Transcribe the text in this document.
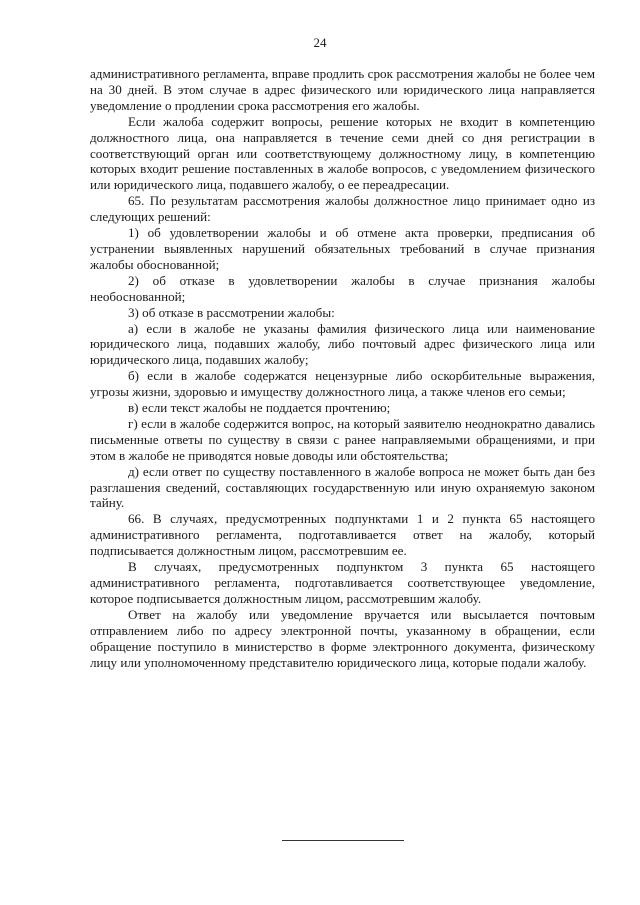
24

административного регламента, вправе продлить срок рассмотрения жалобы не более чем на 30 дней. В этом случае в адрес физического или юридического лица направляется уведомление о продлении срока рассмотрения его жалобы.

Если жалоба содержит вопросы, решение которых не входит в компетенцию должностного лица, она направляется в течение семи дней со дня регистрации в соответствующий орган или соответствующему должностному лицу, в компетенцию которых входит решение поставленных в жалобе вопросов, с уведомлением физического или юридического лица, подавшего жалобу, о ее переадресации.

65. По результатам рассмотрения жалобы должностное лицо принимает одно из следующих решений:

1) об удовлетворении жалобы и об отмене акта проверки, предписания об устранении выявленных нарушений обязательных требований в случае признания жалобы обоснованной;

2) об отказе в удовлетворении жалобы в случае признания жалобы необоснованной;

3) об отказе в рассмотрении жалобы:

а) если в жалобе не указаны фамилия физического лица или наименование юридического лица, подавших жалобу, либо почтовый адрес физического лица или юридического лица, подавших жалобу;

б) если в жалобе содержатся нецензурные либо оскорбительные выражения, угрозы жизни, здоровью и имуществу должностного лица, а также членов его семьи;

в) если текст жалобы не поддается прочтению;

г) если в жалобе содержится вопрос, на который заявителю неоднократно давались письменные ответы по существу в связи с ранее направляемыми обращениями, и при этом в жалобе не приводятся новые доводы или обстоятельства;

д) если ответ по существу поставленного в жалобе вопроса не может быть дан без разглашения сведений, составляющих государственную или иную охраняемую законом тайну.

66. В случаях, предусмотренных подпунктами 1 и 2 пункта 65 настоящего административного регламента, подготавливается ответ на жалобу, который подписывается должностным лицом, рассмотревшим ее.

В случаях, предусмотренных подпунктом 3 пункта 65 настоящего административного регламента, подготавливается соответствующее уведомление, которое подписывается должностным лицом, рассмотревшим жалобу.

Ответ на жалобу или уведомление вручается или высылается почтовым отправлением либо по адресу электронной почты, указанному в обращении, если обращение поступило в министерство в форме электронного документа, физическому лицу или уполномоченному представителю юридического лица, которые подали жалобу.
